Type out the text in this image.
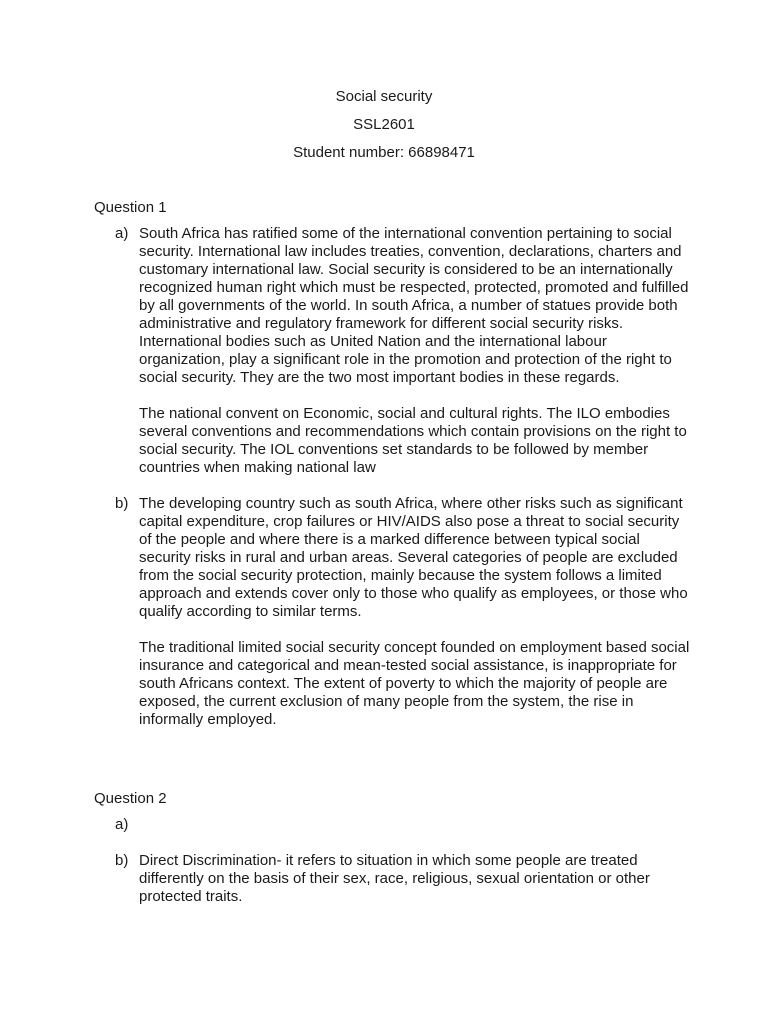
Social security
SSL2601
Student number: 66898471
Question 1
a) South Africa has ratified some of the international convention pertaining to social security. International law includes treaties, convention, declarations, charters and customary international law. Social security is considered to be an internationally recognized human right which must be respected, protected, promoted and fulfilled by all governments of the world. In south Africa, a number of statues provide both administrative and regulatory framework for different social security risks. International bodies such as United Nation and the international labour organization, play a significant role in the promotion and protection of the right to social security. They are the two most important bodies in these regards.

The national convent on Economic, social and cultural rights. The ILO embodies several conventions and recommendations which contain provisions on the right to social security. The IOL conventions set standards to be followed by member countries when making national law

b) The developing country such as south Africa, where other risks such as significant capital expenditure, crop failures or HIV/AIDS also pose a threat to social security of the people and where there is a marked difference between typical social security risks in rural and urban areas. Several categories of people are excluded from the social security protection, mainly because the system follows a limited approach and extends cover only to those who qualify as employees, or those who qualify according to similar terms.

The traditional limited social security concept founded on employment based social insurance and categorical and mean-tested social assistance, is inappropriate for south Africans context. The extent of poverty to which the majority of people are exposed, the current exclusion of many people from the system, the rise in informally employed.

Question 2
a)

b) Direct Discrimination- it refers to situation in which some people are treated differently on the basis of their sex, race, religious, sexual orientation or other protected traits.
